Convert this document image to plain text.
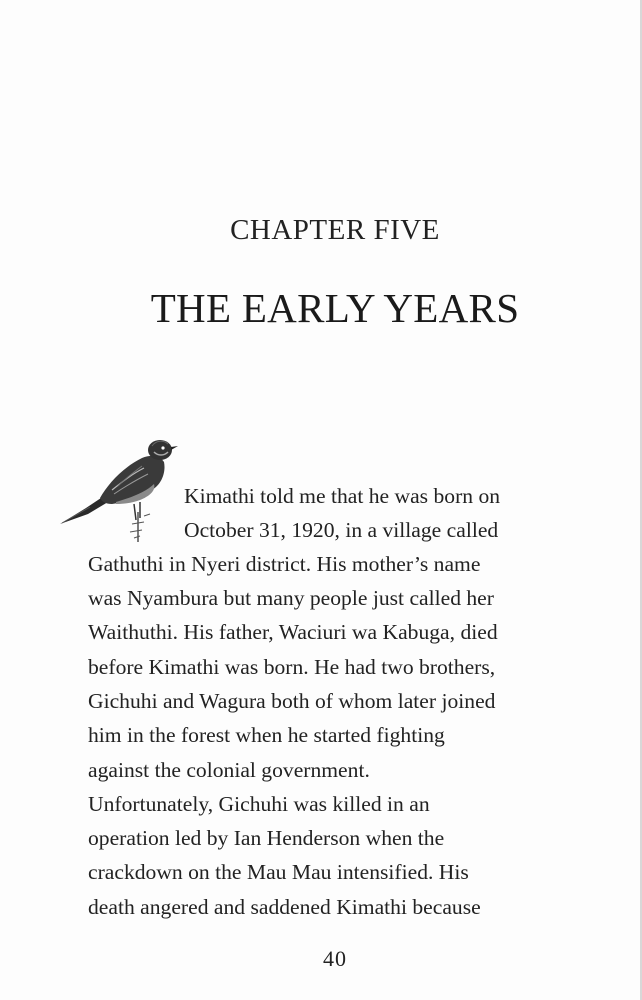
CHAPTER FIVE
THE EARLY YEARS
Kimathi told me that he was born on
October 31, 1920, in a village called
Gathuthi in Nyeri district. His mother’s name
was Nyambura but many people just called her
Waithuthi. His father, Waciuri wa Kabuga, died
before Kimathi was born. He had two brothers,
Gichuhi and Wagura both of whom later joined
him in the forest when he started fighting
against the colonial government.
Unfortunately, Gichuhi was killed in an
operation led by Ian Henderson when the
crackdown on the Mau Mau intensified. His
death angered and saddened Kimathi because
40
